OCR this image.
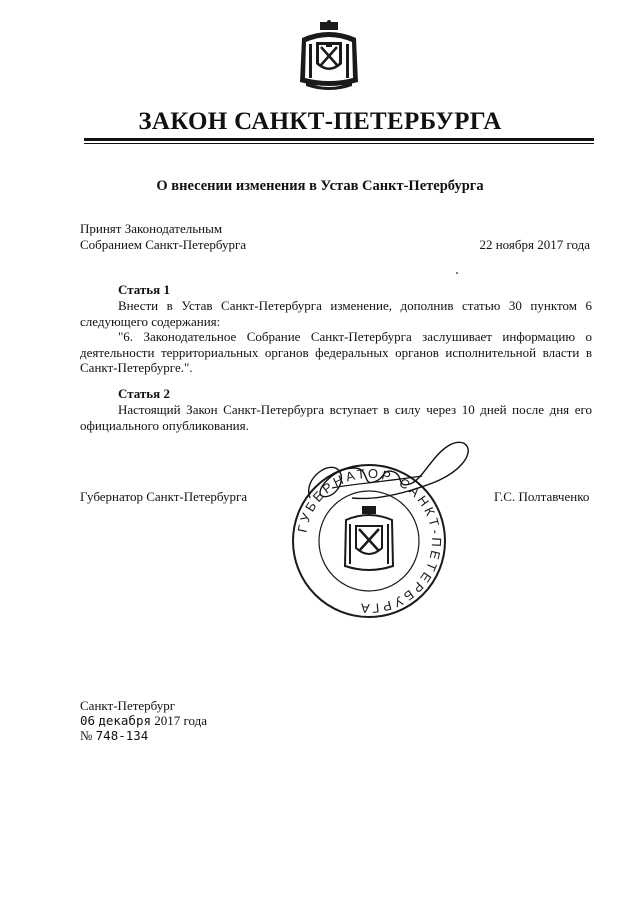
ЗАКОН САНКТ-ПЕТЕРБУРГА
О внесении изменения в Устав Санкт-Петербурга
Принят Законодательным
Собранием Санкт-Петербурга	22 ноября 2017 года
Статья 1

Внести в Устав Санкт-Петербурга изменение, дополнив статью 30 пунктом 6 следующего содержания:

"6. Законодательное Собрание Санкт-Петербурга заслушивает информацию о деятельности территориальных органов федеральных органов исполнительной власти в Санкт-Петербурге.".

Статья 2

Настоящий Закон Санкт-Петербурга вступает в силу через 10 дней после дня его официального опубликования.

Губернатор Санкт-Петербурга	Г.С. Полтавченко
ГУБЕРНАТОР САНКТ-ПЕТЕРБУРГА
Санкт-Петербург
06 декабря 2017 года
№ 748-134
